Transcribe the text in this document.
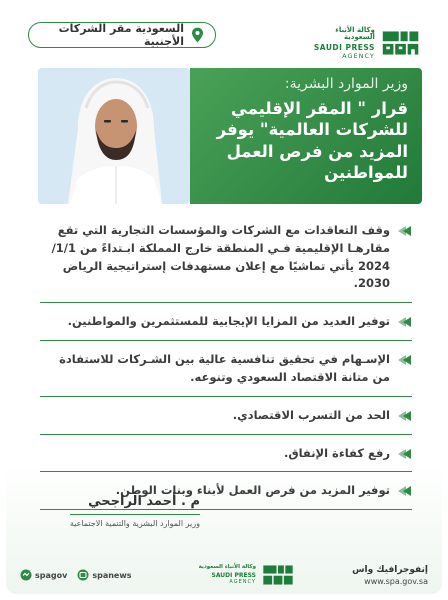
وكالة الأنباء السعودية
SAUDI PRESS
AGENCY
السعودية مقر الشركات الأجنبية
وزير الموارد البشرية:
قرار " المقر الإقليمي للشركات العالمية" يوفر المزيد من فرص العمل للمواطنين
وقف التعاقدات مع الشركات والمؤسسات التجارية التي تقع مقارهـا الإقليمية فـي المنطقة خارج المملكة ابـتداءً من 1/1/ 2024 يأتي تماشيًا مع إعلان مستهدفات إستراتيجية الرياض 2030.
توفير العديد من المزايا الإيجابية للمستثمرين والمواطنين.
الإسـهام في تحقيق تنافسية عالية بين الشـركات للاستفادة من متانة الاقتصاد السعودي وتنوعه.
الحد من التسرب الاقتصادي.
رفع كفاءة الإنفاق.
توفير المزيد من فرص العمل لأبناء وبنات الوطن.
م . أحمد الراجحي
وزير الموارد البشرية والتنمية الاجتماعية
spagov	spanews
وكالة الأنباء السعودية
SAUDI PRESS
AGENCY
إنفوجرافيك واس
www.spa.gov.sa
